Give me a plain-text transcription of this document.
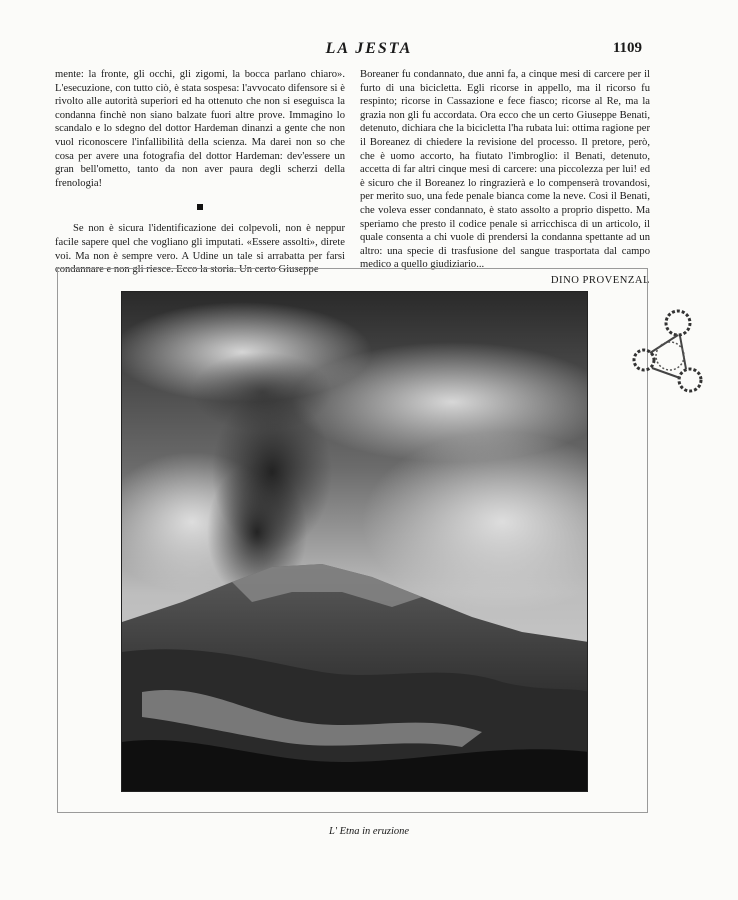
LA JESTA	1109

mente: la fronte, gli occhi, gli zigomi, la bocca parlano chiaro». L'esecuzione, con tutto ciò, è stata sospesa: l'avvocato difensore si è rivolto alle autorità superiori ed ha ottenuto che non si eseguisca la condanna finchè non siano balzate fuori altre prove. Immagino lo scandalo e lo sdegno del dottor Hardeman dinanzi a gente che non vuol riconoscere l'infallibilità della scienza. Ma darei non so che cosa per avere una fotografia del dottor Hardeman: dev'essere un gran bell'ometto, tanto da non aver paura degli scherzi della frenologia!

Se non è sicura l'identificazione dei colpevoli, non è neppur facile sapere quel che vogliano gli imputati. «Essere assolti», direte voi. Ma non è sempre vero. A Udine un tale si arrabatta per farsi condannare e non gli riesce. Ecco la storia. Un certo Giuseppe

Boreaner fu condannato, due anni fa, a cinque mesi di carcere per il furto di una bicicletta. Egli ricorse in appello, ma il ricorso fu respinto; ricorse in Cassazione e fece fiasco; ricorse al Re, ma la grazia non gli fu accordata. Ora ecco che un certo Giuseppe Benati, detenuto, dichiara che la bicicletta l'ha rubata lui: ottima ragione per il Boreanez di chiedere la revisione del processo. Il pretore, però, che è uomo accorto, ha fiutato l'imbroglio: il Benati, detenuto, accetta di far altri cinque mesi di carcere: una piccolezza per lui! ed è sicuro che il Boreanez lo ringrazierà e lo compenserà trovandosi, per merito suo, una fede penale bianca come la neve. Così il Benati, che voleva esser condannato, è stato assolto a proprio dispetto. Ma speriamo che presto il codice penale si arricchisca di un articolo, il quale consenta a chi vuole di prendersi la condanna spettante ad un altro: una specie di trasfusione del sangue trasportata dal campo medico a quello giudiziario...

DINO PROVENZAL
L' Etna in eruzione
